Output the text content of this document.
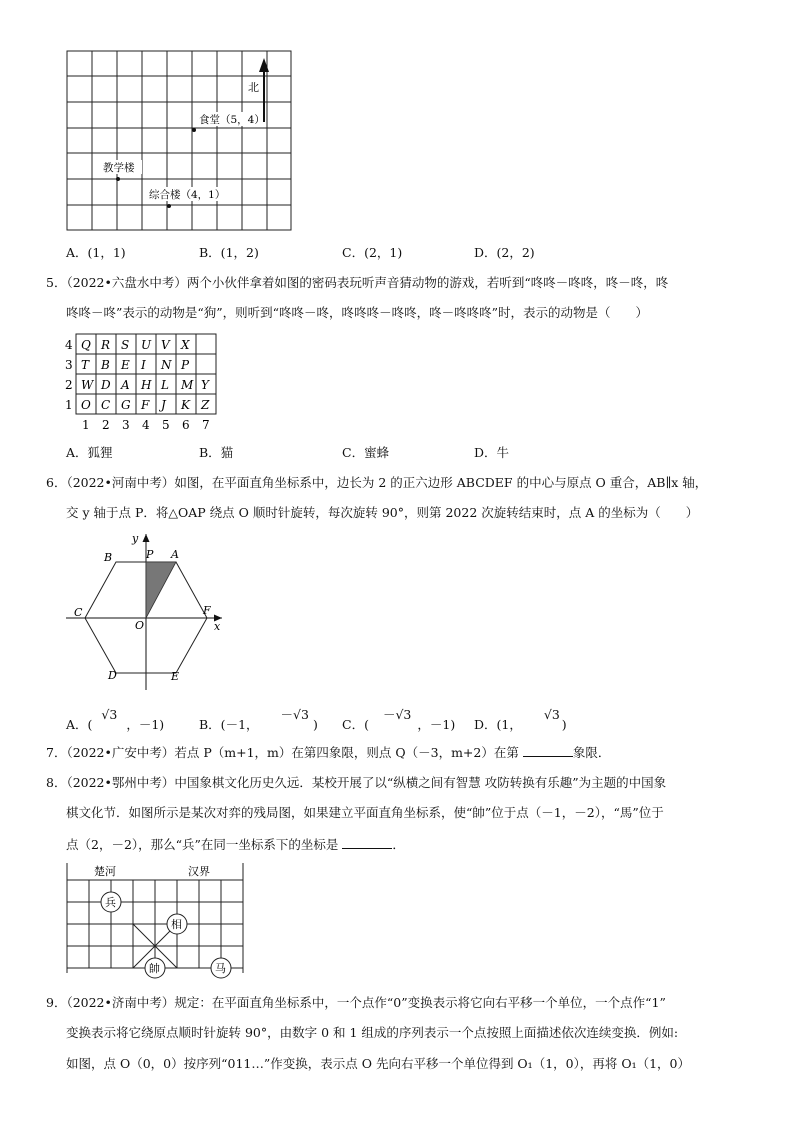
北
食堂（5，4）
教学楼
综合楼（4，1）
A．(1，1)	B．(1，2)	C．(2，1)	D．(2，2)
5．（2022•六盘水中考）两个小伙伴拿着如图的密码表玩听声音猜动物的游戏，若听到“咚咚－咚咚，咚－咚，咚
咚咚－咚”表示的动物是“狗”，则听到“咚咚－咚，咚咚咚－咚咚，咚－咚咚咚”时，表示的动物是（　　）
4 Q R S U V X
3 T B E I N P
2 W D A H L M Y
1 O C G F J K Z
1 2 3 4 5 6 7
A．狐狸	B．猫	C．蜜蜂	D．牛
6．（2022•河南中考）如图，在平面直角坐标系中，边长为 2 的正六边形 ABCDEF 的中心与原点 O 重合，AB∥x 轴，
交 y 轴于点 P．将△OAP 绕点 O 顺时针旋转，每次旋转 90°，则第 2022 次旋转结束时，点 A 的坐标为（　　）
y
x
P A
B
C	F
O
D	E
A．(√3，－1)	B．(－1，－√3) C．(－√3，－1) D．(1，√3)
7．（2022•广安中考）若点 P（m+1，m）在第四象限，则点 Q（－3，m+2）在第	象限．
8．（2022•鄂州中考）中国象棋文化历史久远．某校开展了以“纵横之间有智慧 攻防转换有乐趣”为主题的中国象
棋文化节．如图所示是某次对弈的残局图，如果建立平面直角坐标系，使“帥”位于点（－1，－2），“馬”位于
点（2，－2），那么“兵”在同一坐标系下的坐标是	．
楚河	汉界
兵
相
帥	马
9．（2022•济南中考）规定：在平面直角坐标系中，一个点作“0”变换表示将它向右平移一个单位，一个点作“1”
变换表示将它绕原点顺时针旋转 90°，由数字 0 和 1 组成的序列表示一个点按照上面描述依次连续变换．例如:
如图，点 O（0，0）按序列“011…”作变换，表示点 O 先向右平移一个单位得到 O₁（1，0），再将 O₁（1，0）
